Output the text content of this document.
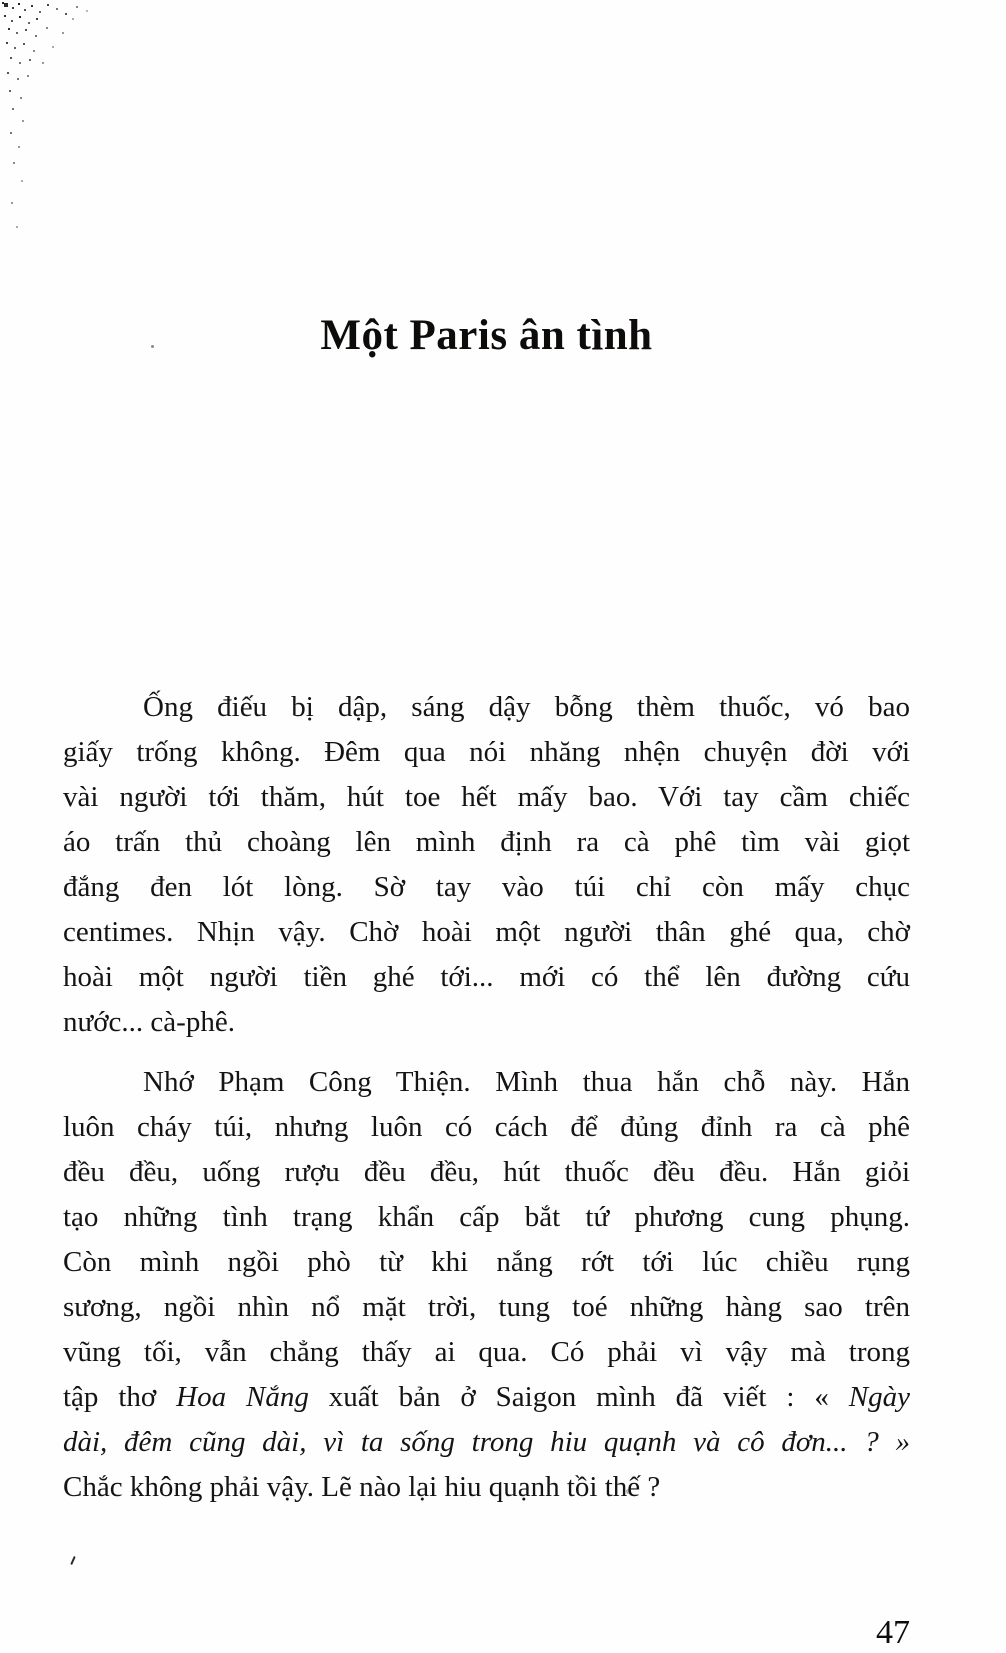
Một Paris ân tình

Ống điếu bị dập, sáng dậy bỗng thèm thuốc, vó bao
giấy trống không. Đêm qua nói nhăng nhện chuyện đời với
vài người tới thăm, hút toe hết mấy bao. Với tay cầm chiếc
áo trấn thủ choàng lên mình định ra cà phê tìm vài giọt
đắng đen lót lòng. Sờ tay vào túi chỉ còn mấy chục
centimes. Nhịn vậy. Chờ hoài một người thân ghé qua, chờ
hoài một người tiền ghé tới... mới có thể lên đường cứu
nước... cà-phê.

Nhớ Phạm Công Thiện. Mình thua hắn chỗ này. Hắn
luôn cháy túi, nhưng luôn có cách để đủng đỉnh ra cà phê
đều đều, uống rượu đều đều, hút thuốc đều đều. Hắn giỏi
tạo những tình trạng khẩn cấp bắt tứ phương cung phụng.
Còn mình ngồi phò từ khi nắng rớt tới lúc chiều rụng
sương, ngồi nhìn nổ mặt trời, tung toé những hàng sao trên
vũng tối, vẫn chẳng thấy ai qua. Có phải vì vậy mà trong
tập thơ Hoa Nắng xuất bản ở Saigon mình đã viết : « Ngày
dài, đêm cũng dài, vì ta sống trong hiu quạnh và cô đơn... ? »
Chắc không phải vậy. Lẽ nào lại hiu quạnh tồi thế ?

47
